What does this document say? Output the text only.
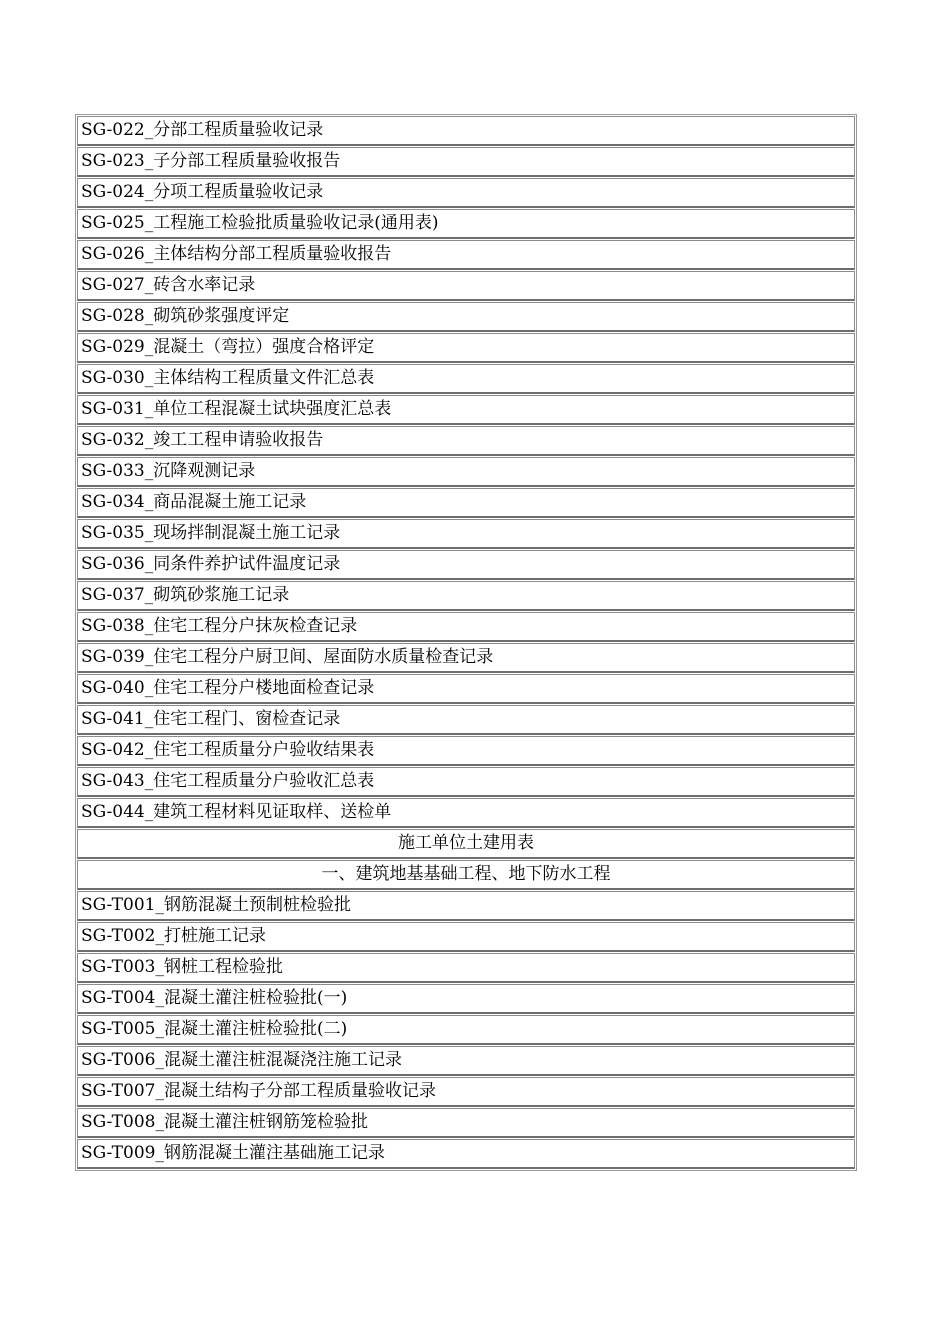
SG-022_分部工程质量验收记录
SG-023_子分部工程质量验收报告
SG-024_分项工程质量验收记录
SG-025_工程施工检验批质量验收记录(通用表)
SG-026_主体结构分部工程质量验收报告
SG-027_砖含水率记录
SG-028_砌筑砂浆强度评定
SG-029_混凝土（弯拉）强度合格评定
SG-030_主体结构工程质量文件汇总表
SG-031_单位工程混凝土试块强度汇总表
SG-032_竣工工程申请验收报告
SG-033_沉降观测记录
SG-034_商品混凝土施工记录
SG-035_现场拌制混凝土施工记录
SG-036_同条件养护试件温度记录
SG-037_砌筑砂浆施工记录
SG-038_住宅工程分户抹灰检查记录
SG-039_住宅工程分户厨卫间、屋面防水质量检查记录
SG-040_住宅工程分户楼地面检查记录
SG-041_住宅工程门、窗检查记录
SG-042_住宅工程质量分户验收结果表
SG-043_住宅工程质量分户验收汇总表
SG-044_建筑工程材料见证取样、送检单
施工单位土建用表
一、建筑地基基础工程、地下防水工程
SG-T001_钢筋混凝土预制桩检验批
SG-T002_打桩施工记录
SG-T003_钢桩工程检验批
SG-T004_混凝土灌注桩检验批(一)
SG-T005_混凝土灌注桩检验批(二)
SG-T006_混凝土灌注桩混凝浇注施工记录
SG-T007_混凝土结构子分部工程质量验收记录
SG-T008_混凝土灌注桩钢筋笼检验批
SG-T009_钢筋混凝土灌注基础施工记录
